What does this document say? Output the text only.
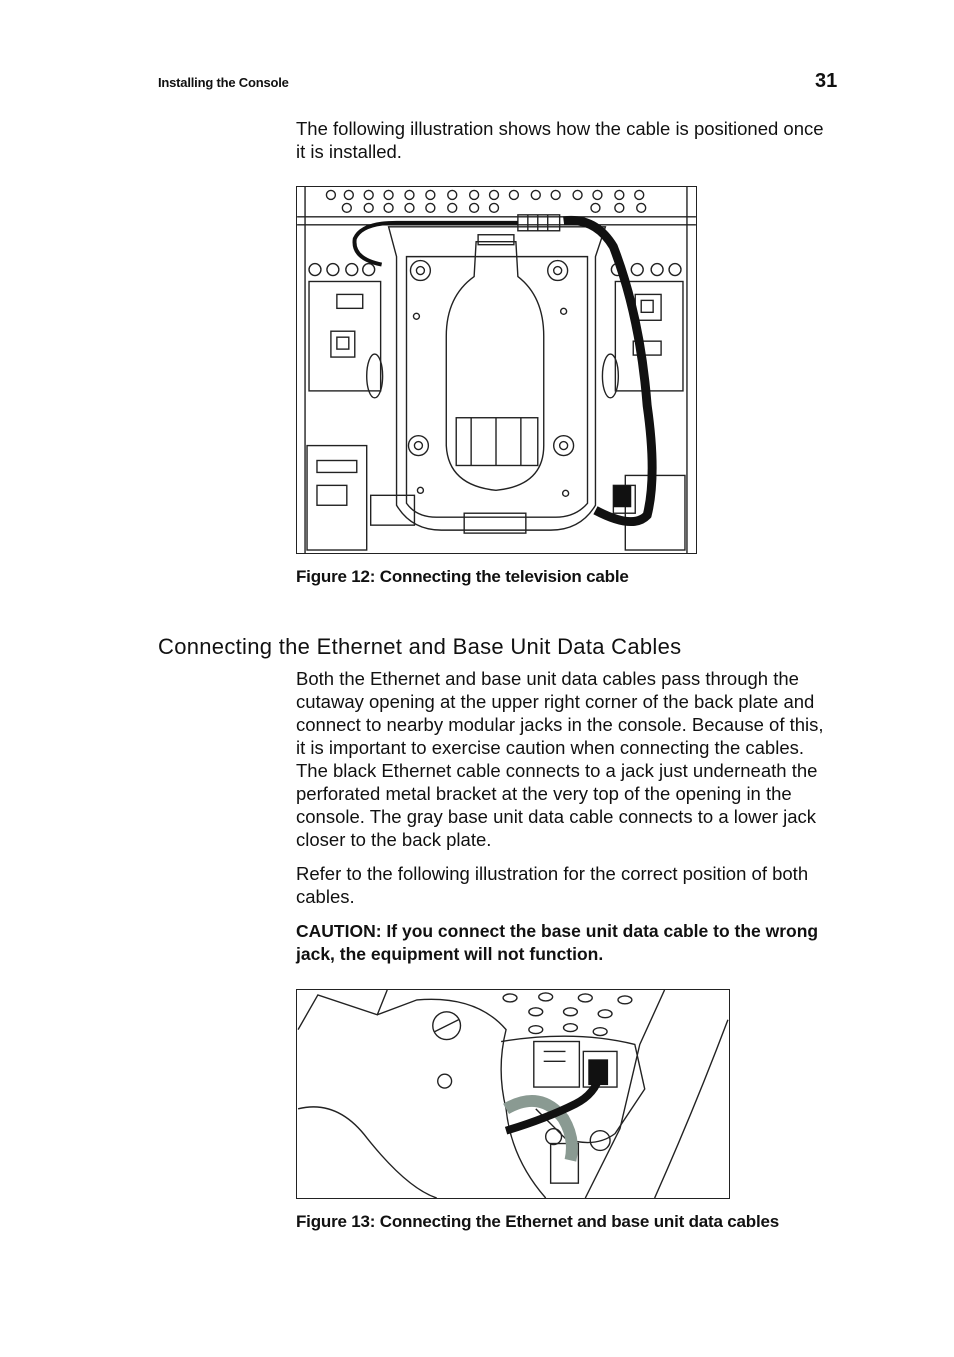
Installing the Console	31

The following illustration shows how the cable is positioned once it is installed.

Figure 12: Connecting the television cable
Connecting the Ethernet and Base Unit Data Cables

Both the Ethernet and base unit data cables pass through the cutaway opening at the upper right corner of the back plate and connect to nearby modular jacks in the console. Because of this, it is important to exercise caution when connecting the cables. The black Ethernet cable connects to a jack just underneath the perforated metal bracket at the very top of the opening in the console. The gray base unit data cable connects to a lower jack closer to the back plate.

Refer to the following illustration for the correct position of both cables.

CAUTION: If you connect the base unit data cable to the wrong jack, the equipment will not function.

Figure 13: Connecting the Ethernet and base unit data cables
